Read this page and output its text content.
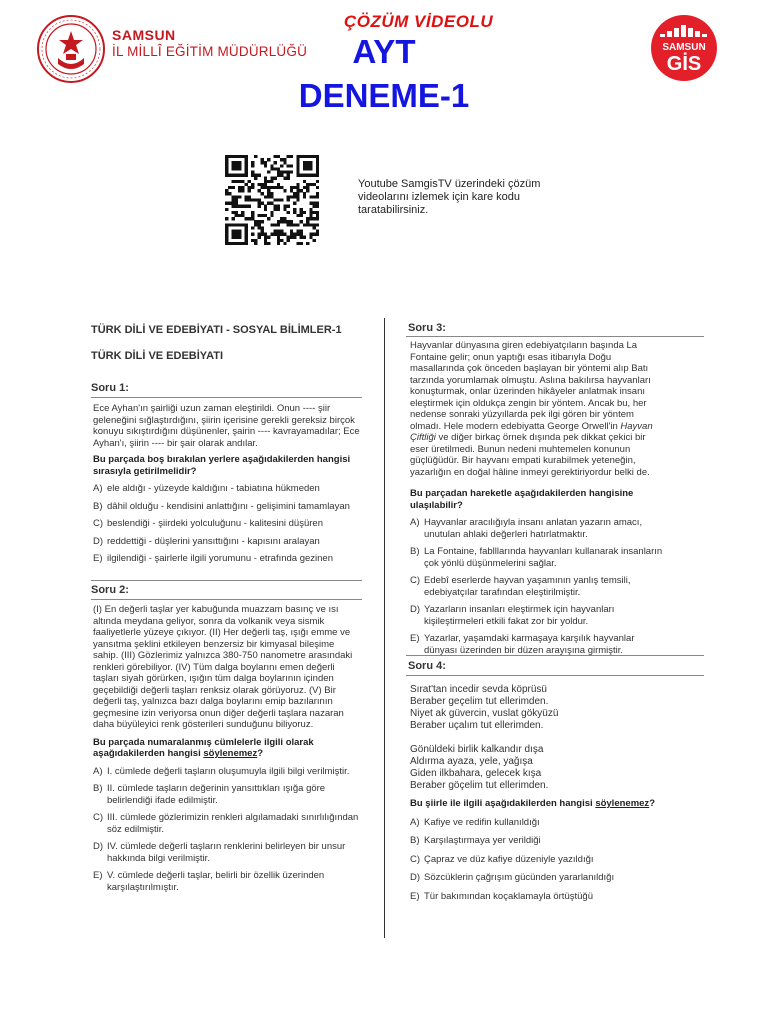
SAMSUN
İL MİLLÎ EĞİTİM MÜDÜRLÜĞÜ
ÇÖZÜM VİDEOLU
AYT
DENEME-1
SAMSUN
GİS
Youtube SamgisTV üzerindeki çözüm videolarını izlemek için kare kodu taratabilirsiniz.
TÜRK DİLİ VE EDEBİYATI - SOSYAL BİLİMLER-1
TÜRK DİLİ VE EDEBİYATI
Soru 1:

Ece Ayhan'ın şairliği uzun zaman eleştirildi. Onun ---- şiir geleneğini sığlaştırdığını, şiirin içerisine gerekli gereksiz birçok konuyu sıkıştırdığını düşünenler, şairin ---- kavrayamadılar; Ece Ayhan'ı, şiirin ---- bir şair olarak andılar.

Bu parçada boş bırakılan yerlere aşağıdakilerden hangisi sırasıyla getirilmelidir?

A) ele aldığı - yüzeyde kaldığını - tabiatına hükmeden
B) dâhil olduğu - kendisini anlattığını - gelişimini tamamlayan
C) beslendiği - şiirdeki yolculuğunu - kalitesini düşüren
D) reddettiği - düşlerini yansıttığını - kapısını aralayan
E) ilgilendiği - şairlerle ilgili yorumunu - etrafında gezinen
Soru 2:

(I) En değerli taşlar yer kabuğunda muazzam basınç ve ısı altında meydana geliyor, sonra da volkanik veya sismik faaliyetlerle yüzeye çıkıyor. (II) Her değerli taş, ışığı emme ve yansıtma şeklini etkileyen benzersiz bir kimyasal bileşime sahip. (III) Gözlerimiz yalnızca 380-750 nanometre arasındaki renkleri görebiliyor. (IV) Tüm dalga boylarını emen değerli taşları siyah görürken, ışığın tüm dalga boylarının içinden geçebildiği değerli taşları renksiz olarak görüyoruz. (V) Bir değerli taş, yalnızca bazı dalga boylarını emip bazılarının geçmesine izin veriyorsa onun diğer değerli taşlara nazaran daha büyüleyici renk gösterileri sunduğunu biliyoruz.

Bu parçada numaralanmış cümlelerle ilgili olarak aşağıdakilerden hangisi söylenemez?

A) I. cümlede değerli taşların oluşumuyla ilgili bilgi verilmiştir.
B) II. cümlede taşların değerinin yansıttıkları ışığa göre belirlendiği ifade edilmiştir.
C) III. cümlede gözlerimizin renkleri algılamadaki sınırlılığından söz edilmiştir.
D) IV. cümlede değerli taşların renklerini belirleyen bir unsur hakkında bilgi verilmiştir.
E) V. cümlede değerli taşlar, belirli bir özellik üzerinden karşılaştırılmıştır.
Soru 3:

Hayvanlar dünyasına giren edebiyatçıların başında La Fontaine gelir; onun yaptığı esas itibarıyla Doğu masallarında çok önceden başlayan bir yöntemi alıp Batı tarzında yorumlamak olmuştu. Aslına bakılırsa hayvanları konuşturmak, onlar üzerinden hikâyeler anlatmak insanı eleştirmek için oldukça zengin bir yöntem. Ancak bu, her nedense sonraki yüzyıllarda pek ilgi gören bir yöntem olmadı. Hele modern edebiyatta George Orwell'in Hayvan Çiftliği ve diğer birkaç örnek dışında pek dikkat çekici bir eser üretilmedi. Bunun nedeni muhtemelen konunun güçlüğüdür. Bir hayvanı empati kurabilmek yeteneğin, yazarlığın en doğal hâline inmeyi gerektiriyordur belki de.

Bu parçadan hareketle aşağıdakilerden hangisine ulaşılabilir?

A) Hayvanlar aracılığıyla insanı anlatan yazarın amacı, unutulan ahlaki değerleri hatırlatmaktır.
B) La Fontaine, fablllarında hayvanları kullanarak insanların çok yönlü düşünmelerini sağlar.
C) Edebî eserlerde hayvan yaşamının yanlış temsili, edebiyatçılar tarafından eleştirilmiştir.
D) Yazarların insanları eleştirmek için hayvanları kişileştirmeleri etkili fakat zor bir yoldur.
E) Yazarlar, yaşamdaki karmaşaya karşılık hayvanlar dünyası üzerinden bir düzen arayışına girmiştir.
Soru 4:
Sırat'tan incedir sevda köprüsü
Beraber geçelim tut ellerimden.
Niyet ak güvercin, vuslat gökyüzü
Beraber uçalım tut ellerimden.
Gönüldeki birlik kalkandır dışa
Aldırma ayaza, yele, yağışa
Giden ilkbahara, gelecek kışa
Beraber göçelim tut ellerimden.

Bu şiirle ile ilgili aşağıdakilerden hangisi söylenemez?

A) Kafiye ve redifin kullanıldığı
B) Karşılaştırmaya yer verildiği
C) Çapraz ve düz kafiye düzeniyle yazıldığı
D) Sözcüklerin çağrışım gücünden yararlanıldığı
E) Tür bakımından koçaklamayla örtüştüğü
